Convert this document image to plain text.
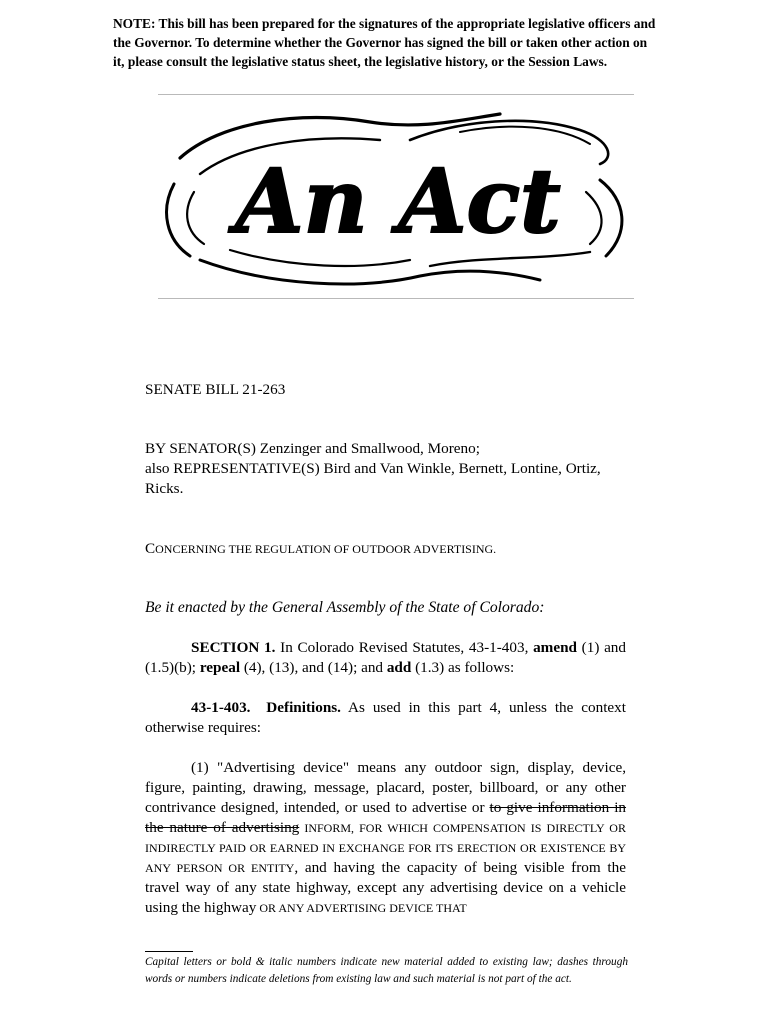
NOTE: This bill has been prepared for the signatures of the appropriate legislative officers and the Governor. To determine whether the Governor has signed the bill or taken other action on it, please consult the legislative status sheet, the legislative history, or the Session Laws.
An Act
SENATE BILL 21-263
BY SENATOR(S) Zenzinger and Smallwood, Moreno;
also REPRESENTATIVE(S) Bird and Van Winkle, Bernett, Lontine, Ortiz, Ricks.
CONCERNING THE REGULATION OF OUTDOOR ADVERTISING.
Be it enacted by the General Assembly of the State of Colorado:
SECTION 1. In Colorado Revised Statutes, 43-1-403, amend (1) and (1.5)(b); repeal (4), (13), and (14); and add (1.3) as follows:
43-1-403. Definitions. As used in this part 4, unless the context otherwise requires:
(1) "Advertising device" means any outdoor sign, display, device, figure, painting, drawing, message, placard, poster, billboard, or any other contrivance designed, intended, or used to advertise or to give information in the nature of advertising INFORM, FOR WHICH COMPENSATION IS DIRECTLY OR INDIRECTLY PAID OR EARNED IN EXCHANGE FOR ITS ERECTION OR EXISTENCE BY ANY PERSON OR ENTITY, and having the capacity of being visible from the travel way of any state highway, except any advertising device on a vehicle using the highway OR ANY ADVERTISING DEVICE THAT
Capital letters or bold & italic numbers indicate new material added to existing law; dashes through words or numbers indicate deletions from existing law and such material is not part of the act.
